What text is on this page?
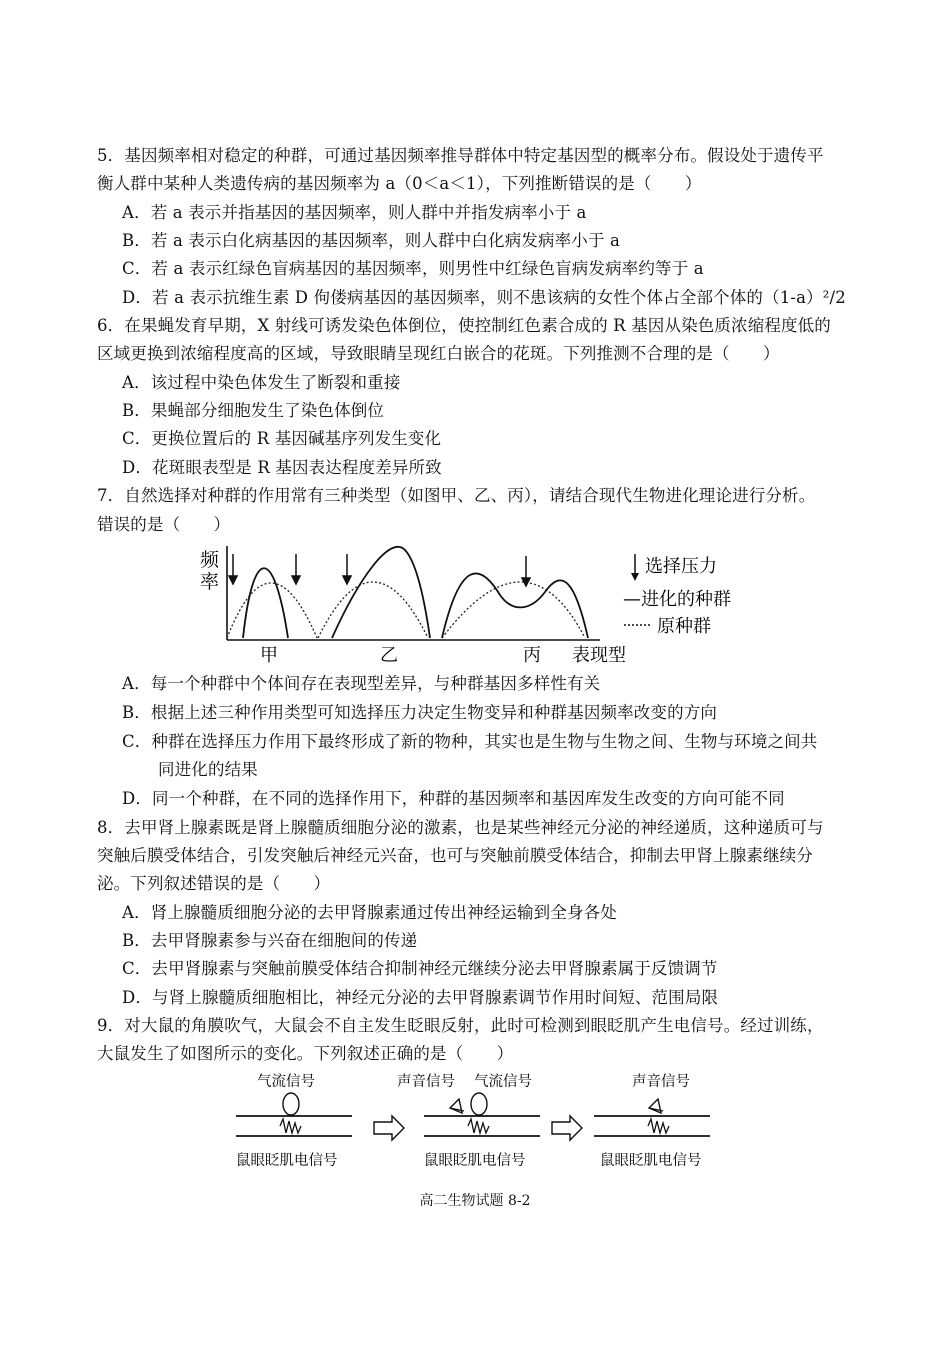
5．基因频率相对稳定的种群，可通过基因频率推导群体中特定基因型的概率分布。假设处于遗传平
衡人群中某种人类遗传病的基因频率为 a（0＜a＜1），下列推断错误的是（　　）
A．若 a 表示并指基因的基因频率，则人群中并指发病率小于 a
B．若 a 表示白化病基因的基因频率，则人群中白化病发病率小于 a
C．若 a 表示红绿色盲病基因的基因频率，则男性中红绿色盲病发病率约等于 a
D．若 a 表示抗维生素 D 佝偻病基因的基因频率，则不患该病的女性个体占全部个体的（1-a）²/2
6．在果蝇发育早期，X 射线可诱发染色体倒位，使控制红色素合成的 R 基因从染色质浓缩程度低的
区域更换到浓缩程度高的区域，导致眼睛呈现红白嵌合的花斑。下列推测不合理的是（　　）
A．该过程中染色体发生了断裂和重接
B．果蝇部分细胞发生了染色体倒位
C．更换位置后的 R 基因碱基序列发生变化
D．花斑眼表型是 R 基因表达程度差异所致
7．自然选择对种群的作用常有三种类型（如图甲、乙、丙），请结合现代生物进化理论进行分析。
错误的是（　　）
频
率
甲	乙	丙 表现型
选择压力
—进化的种群
原种群
A．每一个种群中个体间存在表现型差异，与种群基因多样性有关
B．根据上述三种作用类型可知选择压力决定生物变异和种群基因频率改变的方向
C．种群在选择压力作用下最终形成了新的物种，其实也是生物与生物之间、生物与环境之间共
同进化的结果
D．同一个种群，在不同的选择作用下，种群的基因频率和基因库发生改变的方向可能不同
8．去甲肾上腺素既是肾上腺髓质细胞分泌的激素，也是某些神经元分泌的神经递质，这种递质可与
突触后膜受体结合，引发突触后神经元兴奋，也可与突触前膜受体结合，抑制去甲肾上腺素继续分
泌。下列叙述错误的是（　　）
A．肾上腺髓质细胞分泌的去甲肾腺素通过传出神经运输到全身各处
B．去甲肾腺素参与兴奋在细胞间的传递
C．去甲肾腺素与突触前膜受体结合抑制神经元继续分泌去甲肾腺素属于反馈调节
D．与肾上腺髓质细胞相比，神经元分泌的去甲肾腺素调节作用时间短、范围局限
9．对大鼠的角膜吹气，大鼠会不自主发生眨眼反射，此时可检测到眼眨肌产生电信号。经过训练，
大鼠发生了如图所示的变化。下列叙述正确的是（　　）
气流信号
鼠眼眨肌电信号
声音信号 气流信号
鼠眼眨肌电信号
声音信号
鼠眼眨肌电信号
高二生物试题 8-2
